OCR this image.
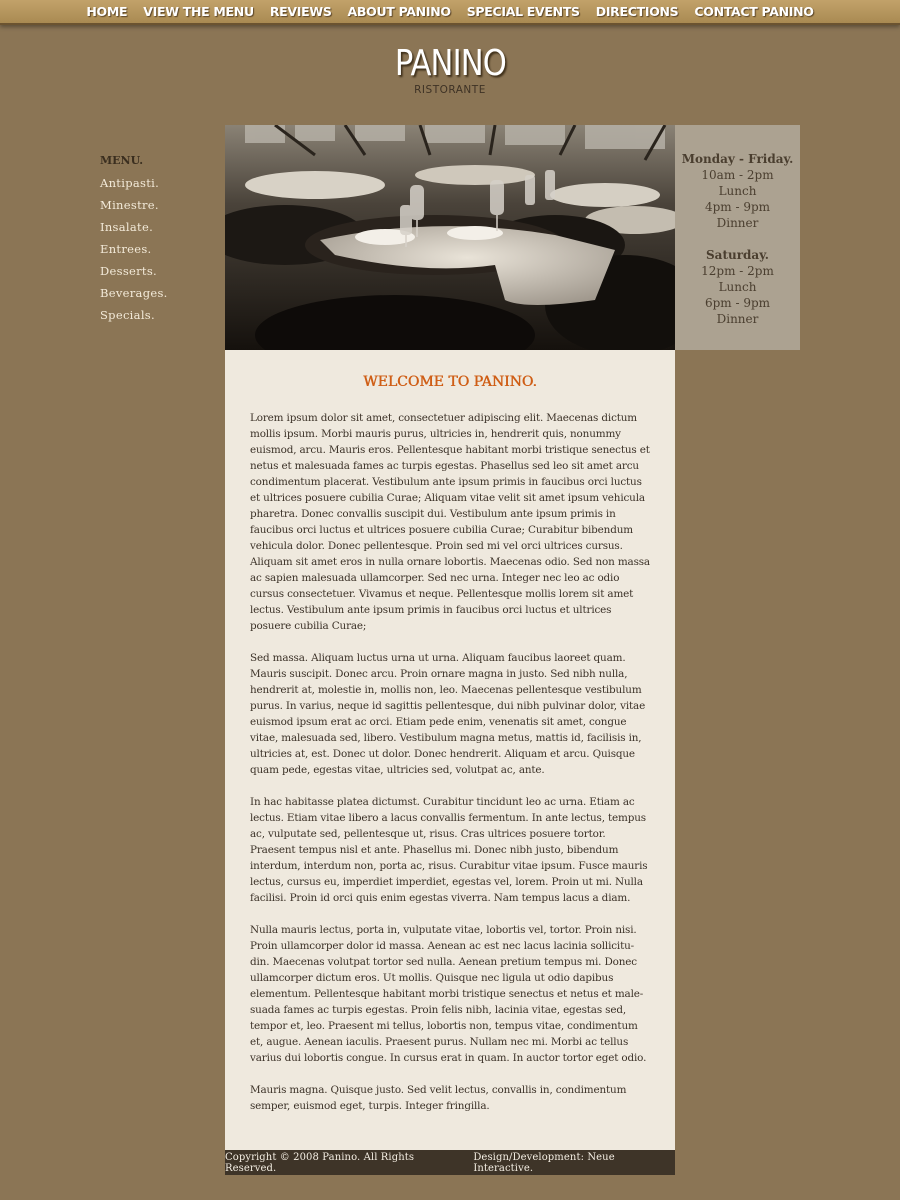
HOME	VIEW THE MENU	REVIEWS	ABOUT PANINO	SPECIAL EVENTS	DIRECTIONS	CONTACT PANINO
PANINO
RISTORANTE
MENU.
Antipasti.
Minestre.
Insalate.
Entrees.
Desserts.
Beverages.
Specials.
Monday - Friday.
10am - 2pm
Lunch
4pm - 9pm
Dinner
Saturday.
12pm - 2pm
Lunch
6pm - 9pm
Dinner
WELCOME TO PANINO.

Lorem ipsum dolor sit amet, consectetuer adipiscing elit. Maecenas dictum mollis ipsum. Morbi mauris purus, ultricies in, hendrerit quis, nonummy euismod, arcu. Mauris eros. Pellentesque habitant morbi tristique senectus et netus et malesuada fames ac turpis egestas. Phasellus sed leo sit amet arcu condimentum placerat. Vestibulum ante ipsum primis in faucibus orci luctus et ultrices posuere cubilia Curae; Aliquam vitae velit sit amet ipsum vehicula pharetra. Donec convallis suscipit dui. Vestibulum ante ipsum primis in faucibus orci luctus et ultrices posuere cubilia Curae; Curabitur bibendum vehicula dolor. Donec pellentesque. Proin sed mi vel orci ultrices cursus. Aliquam sit amet eros in nulla ornare lobortis. Maecenas odio. Sed non massa ac sapien malesuada ullamcorper. Sed nec urna. Integer nec leo ac odio cursus consectetuer. Vivamus et neque. Pellentesque mollis lorem sit amet lectus. Vestibulum ante ipsum primis in faucibus orci luctus et ultrices posuere cubilia Curae;

Sed massa. Aliquam luctus urna ut urna. Aliquam faucibus laoreet quam. Mauris suscipit. Donec arcu. Proin ornare magna in justo. Sed nibh nulla, hendrerit at, molestie in, mollis non, leo. Maecenas pellentesque vestibulum purus. In varius, neque id sagittis pellentesque, dui nibh pulvinar dolor, vitae euismod ipsum erat ac orci. Etiam pede enim, venenatis sit amet, congue vitae, malesuada sed, libero. Vestibulum magna metus, mattis id, facilisis in, ultricies at, est. Donec ut dolor. Donec hendrerit. Aliquam et arcu. Quisque quam pede, egestas vitae, ultricies sed, volutpat ac, ante.

In hac habitasse platea dictumst. Curabitur tincidunt leo ac urna. Etiam ac lectus. Etiam vitae libero a lacus convallis fermentum. In ante lectus, tempus ac, vulputate sed, pellentesque ut, risus. Cras ultrices posuere tortor. Praesent tempus nisl et ante. Phasellus mi. Donec nibh justo, bibendum interdum, interdum non, porta ac, risus. Curabitur vitae ipsum. Fusce mauris lectus, cursus eu, imperdiet imperdiet, egestas vel, lorem. Proin ut mi. Nulla facilisi. Proin id orci quis enim egestas viverra. Nam tempus lacus a diam.

Nulla mauris lectus, porta in, vulputate vitae, lobortis vel, tortor. Proin nisi. Proin ullamcorper dolor id massa. Aenean ac est nec lacus lacinia sollicitu-din. Maecenas volutpat tortor sed nulla. Aenean pretium tempus mi. Donec ullamcorper dictum eros. Ut mollis. Quisque nec ligula ut odio dapibus elementum. Pellentesque habitant morbi tristique senectus et netus et male-suada fames ac turpis egestas. Proin felis nibh, lacinia vitae, egestas sed, tempor et, leo. Praesent mi tellus, lobortis non, tempus vitae, condimentum et, augue. Aenean iaculis. Praesent purus. Nullam nec mi. Morbi ac tellus varius dui lobortis congue. In cursus erat in quam. In auctor tortor eget odio.

Mauris magna. Quisque justo. Sed velit lectus, convallis in, condimentum semper, euismod eget, turpis. Integer fringilla.

Copyright © 2008 Panino. All Rights Reserved.
Design/Development: Neue Interactive.
